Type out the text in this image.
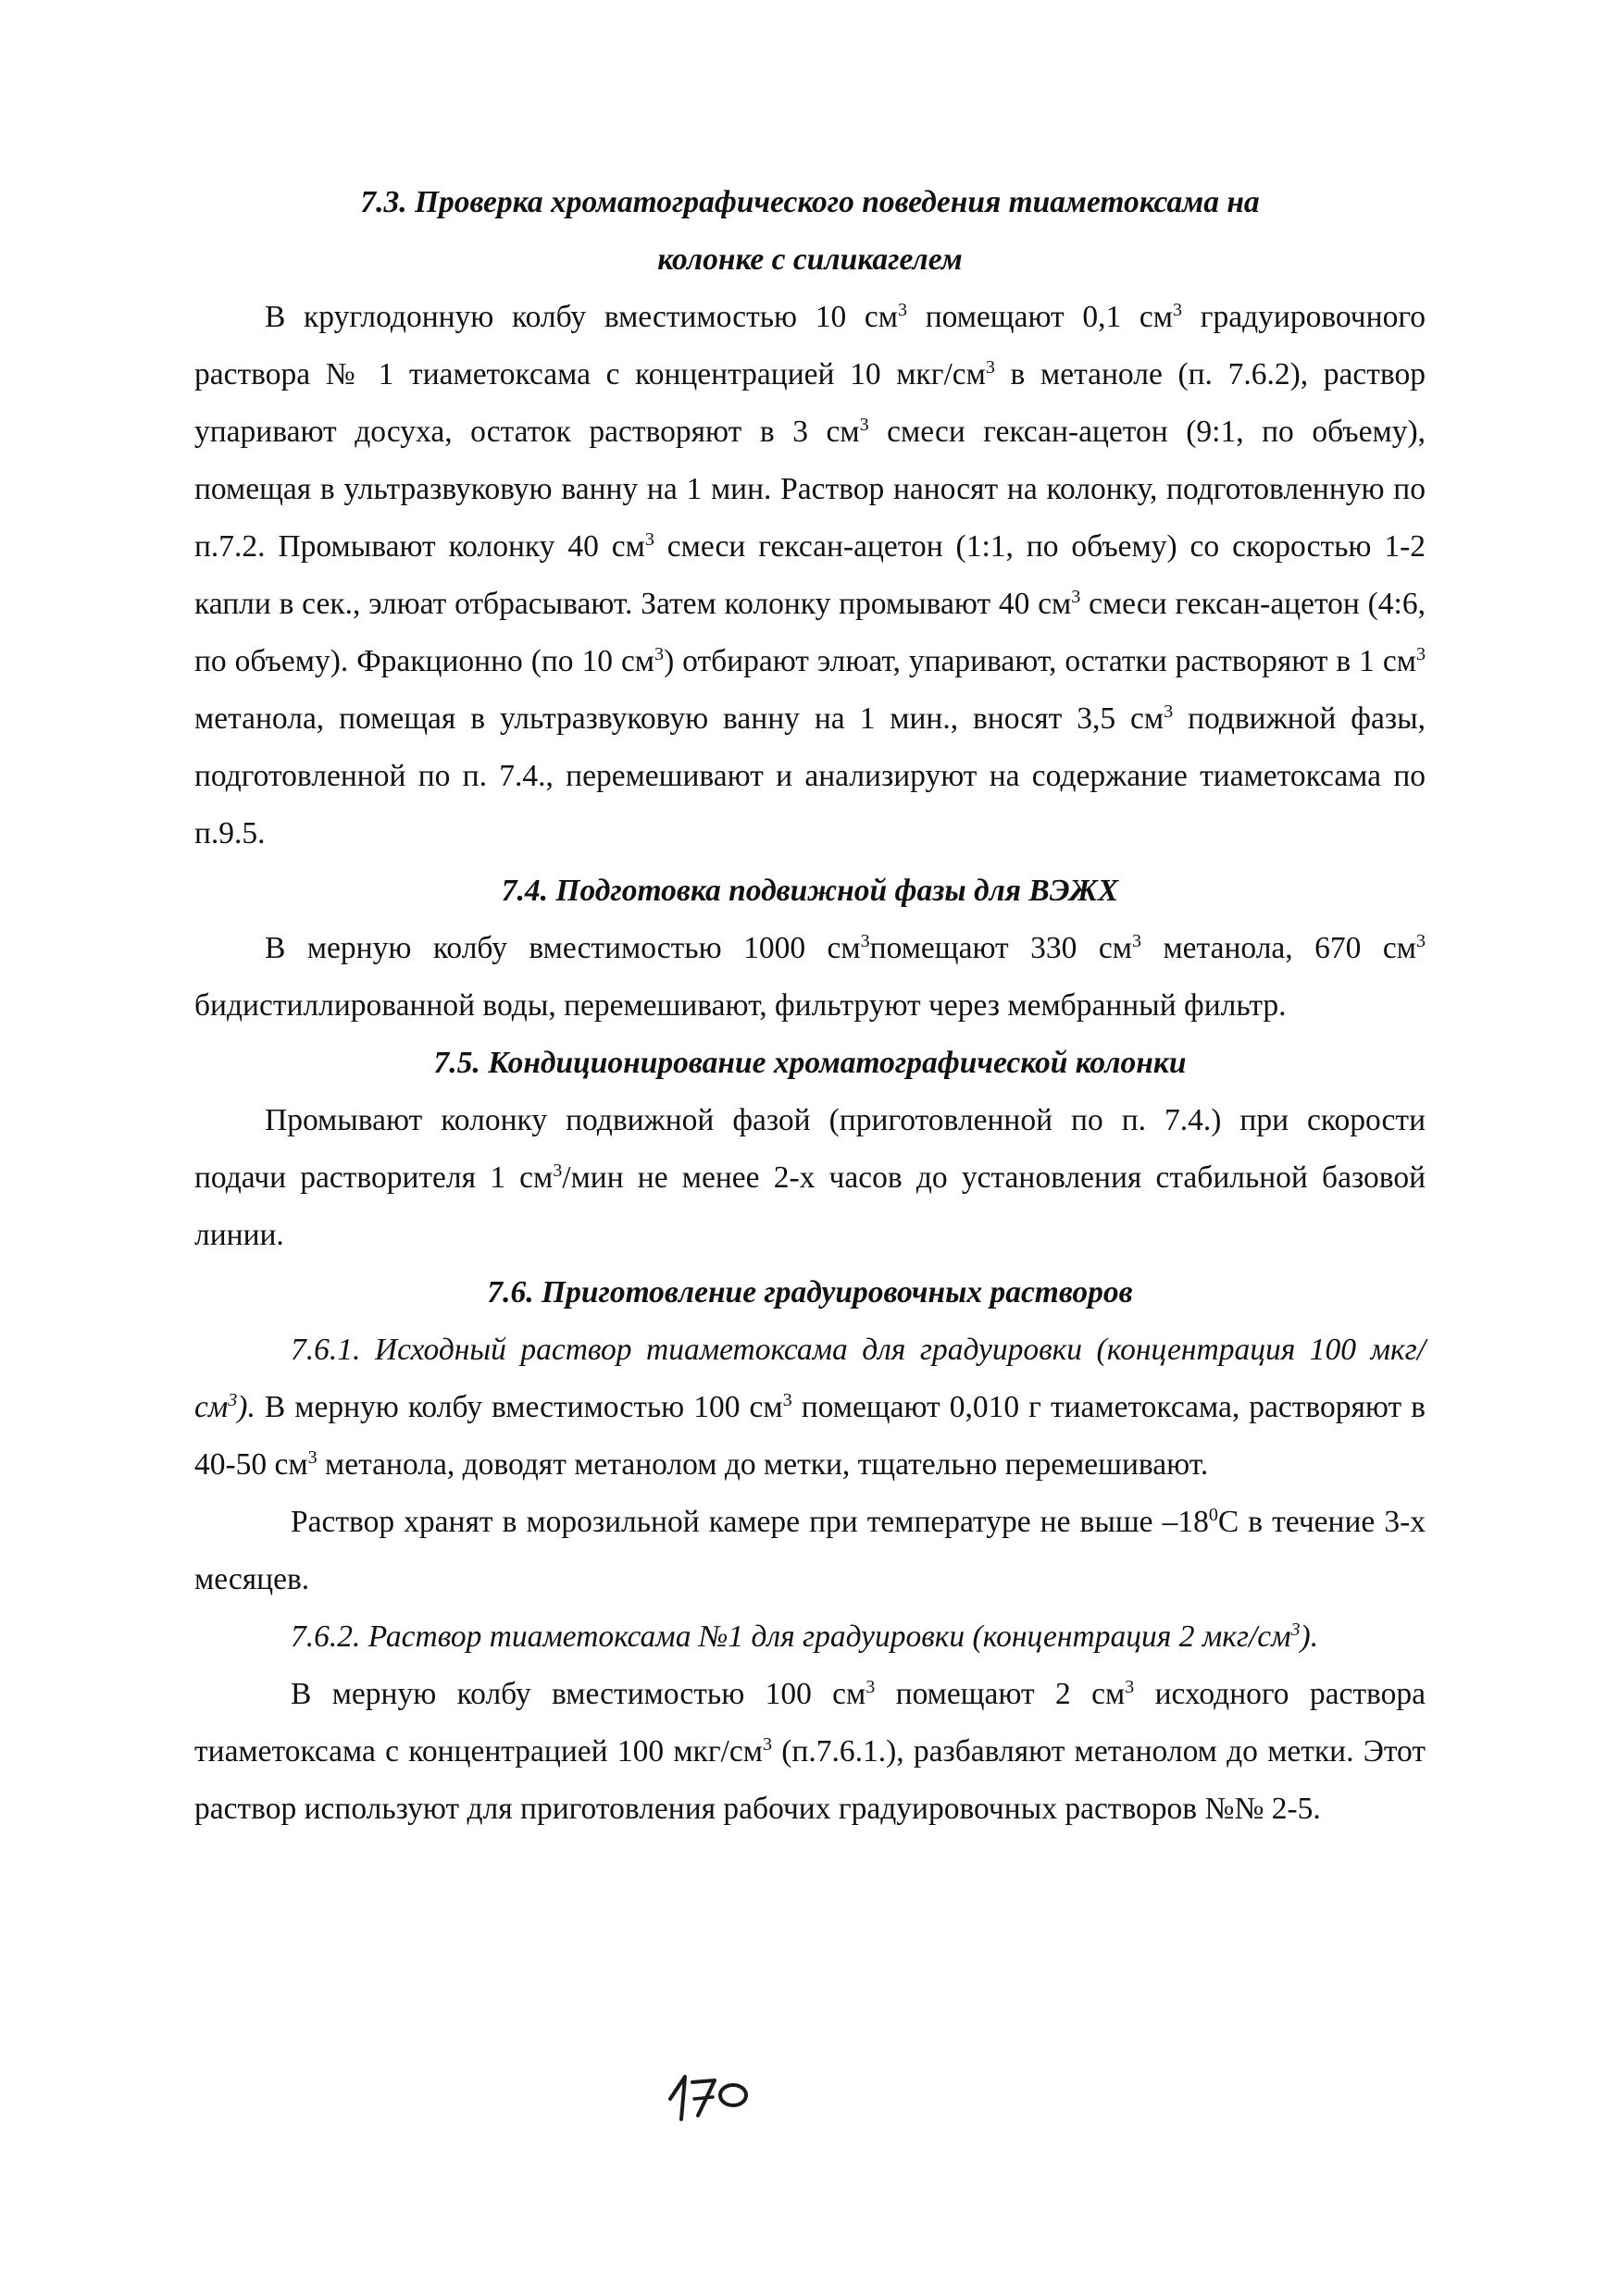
7.3. Проверка хроматографического поведения тиаметоксама на

колонке с силикагелем

В круглодонную колбу вместимостью 10 $см^3$ помещают 0,1 $см^3$ градуировочного раствора № 1 тиаметоксама с концентрацией 10 мкг/$см^3$ в метаноле (п. 7.6.2), раствор упаривают досуха, остаток растворяют в 3 $см^3$ смеси гексан-ацетон (9:1, по объему), помещая в ультразвуковую ванну на 1 мин. Раствор наносят на колонку, подготовленную по п.7.2. Промывают колонку 40 $см^3$ смеси гексан-ацетон (1:1, по объему) со скоростью 1-2 капли в сек., элюат отбрасывают. Затем колонку промывают 40 $см^3$ смеси гексан-ацетон (4:6, по объему). Фракционно (по 10 $см^3$) отбирают элюат, упаривают, остатки растворяют в 1 $см^3$ метанола, помещая в ультразвуковую ванну на 1 мин., вносят 3,5 $см^3$ подвижной фазы, подготовленной по п. 7.4., перемешивают и анализируют на содержание тиаметоксама по п.9.5.

7.4. Подготовка подвижной фазы для ВЭЖХ

В мерную колбу вместимостью 1000 $см^3помещают$ 330 $см^3$ метанола, 670 $см^3$ бидистиллированной воды, перемешивают, фильтруют через мембранный фильтр.

7.5. Кондиционирование хроматографической колонки

Промывают колонку подвижной фазой (приготовленной по п. 7.4.) при скорости подачи растворителя 1 $см^3$/мин не менее 2-х часов до установления стабильной базовой линии.

7.6. Приготовление градуировочных растворов

7.6.1. Исходный раствор тиаметоксама для градуировки (концентрация 100 мкг/$см^3$). В мерную колбу вместимостью 100 $см^3$ помещают 0,010 г тиаметоксама, растворяют в 40-50 $см^3$ метанола, доводят метанолом до метки, тщательно перемешивают.

Раствор хранят в морозильной камере при температуре не выше $-18^0С$ в течение 3-х месяцев.

7.6.2. Раствор тиаметоксама №1 для градуировки (концентрация 2 мкг/$см^3$).

В мерную колбу вместимостью 100 $см^3$ помещают 2 $см^3$ исходного раствора тиаметоксама с концентрацией 100 мкг/$см^3$ (п.7.6.1.), разбавляют метанолом до метки. Этот раствор используют для приготовления рабочих градуировочных растворов №№ 2-5.
